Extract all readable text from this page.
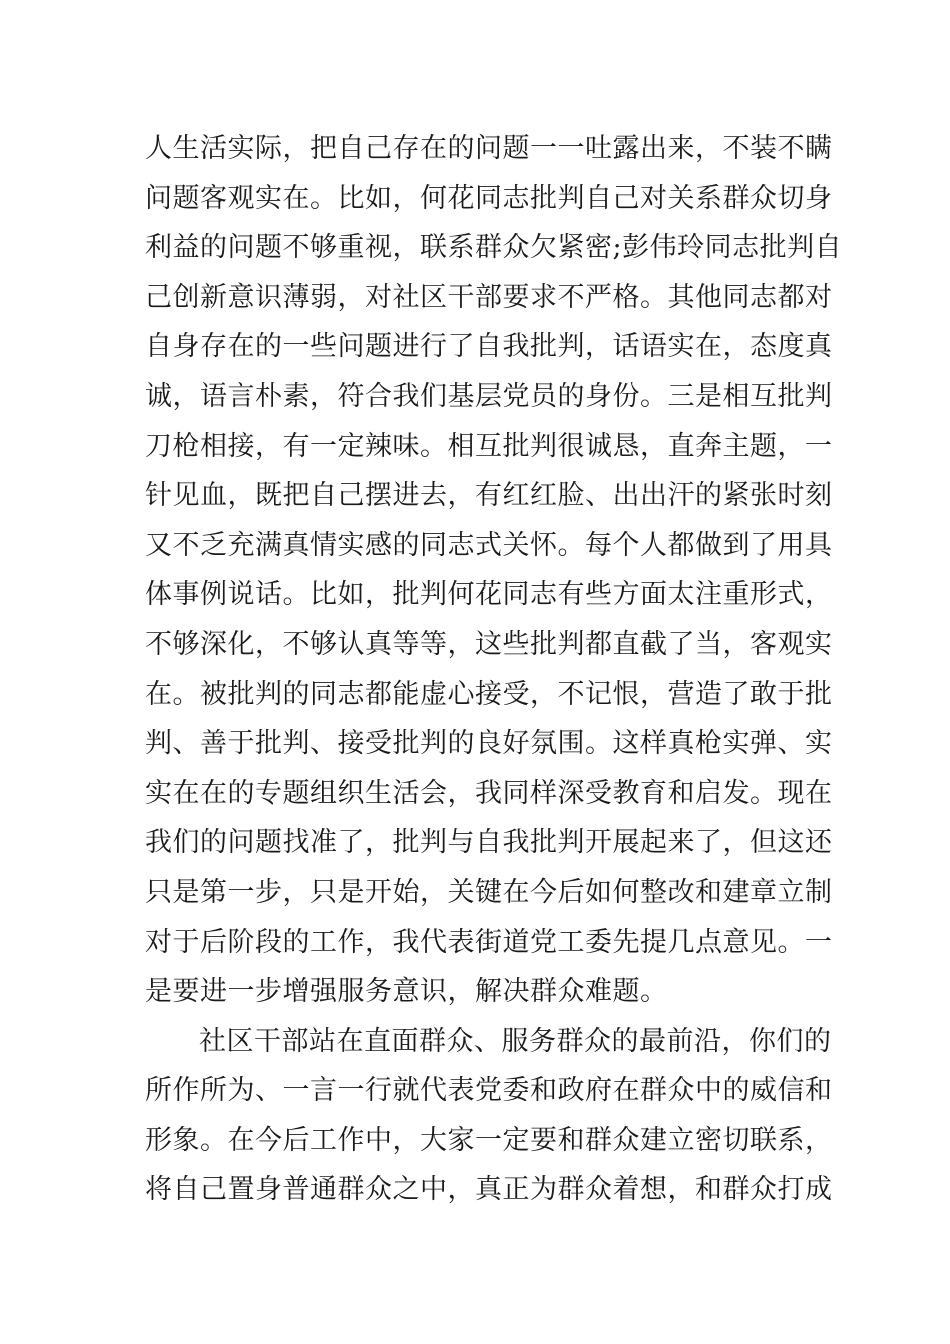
人生活实际，把自己存在的问题一一吐露出来，不装不瞒
问题客观实在。比如，何花同志批判自己对关系群众切身
利益的问题不够重视，联系群众欠紧密;彭伟玲同志批判自
己创新意识薄弱，对社区干部要求不严格。其他同志都对
自身存在的一些问题进行了自我批判，话语实在，态度真
诚，语言朴素，符合我们基层党员的身份。三是相互批判
刀枪相接，有一定辣味。相互批判很诚恳，直奔主题，一
针见血，既把自己摆进去，有红红脸、出出汗的紧张时刻
又不乏充满真情实感的同志式关怀。每个人都做到了用具
体事例说话。比如，批判何花同志有些方面太注重形式，
不够深化，不够认真等等，这些批判都直截了当，客观实
在。被批判的同志都能虚心接受，不记恨，营造了敢于批
判、善于批判、接受批判的良好氛围。这样真枪实弹、实
实在在的专题组织生活会，我同样深受教育和启发。现在
我们的问题找准了，批判与自我批判开展起来了，但这还
只是第一步，只是开始，关键在今后如何整改和建章立制
对于后阶段的工作，我代表街道党工委先提几点意见。一
是要进一步增强服务意识，解决群众难题。
社区干部站在直面群众、服务群众的最前沿，你们的
所作所为、一言一行就代表党委和政府在群众中的威信和
形象。在今后工作中，大家一定要和群众建立密切联系，
将自己置身普通群众之中，真正为群众着想，和群众打成
